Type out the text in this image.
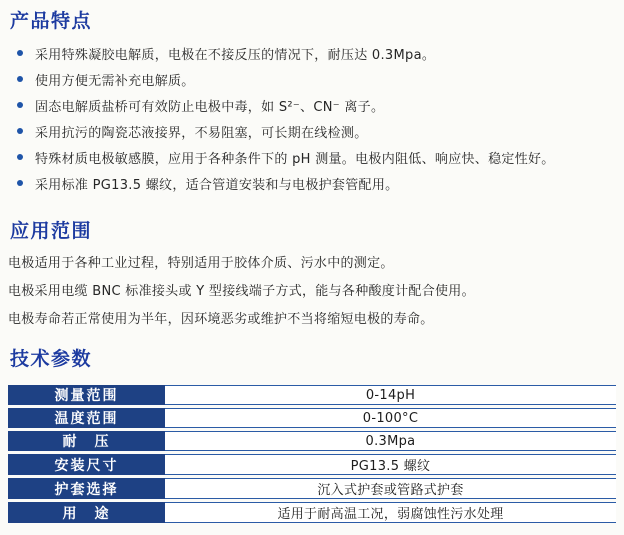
产品特点
采用特殊凝胶电解质，电极在不接反压的情况下，耐压达 0.3Mpa。
使用方便无需补充电解质。
固态电解质盐桥可有效防止电极中毒，如 S²⁻、CN⁻ 离子。
采用抗污的陶瓷芯液接界，不易阻塞，可长期在线检测。
特殊材质电极敏感膜，应用于各种条件下的 pH 测量。电极内阻低、响应快、稳定性好。
采用标准 PG13.5 螺纹，适合管道安装和与电极护套管配用。
应用范围

电极适用于各种工业过程，特别适用于胶体介质、污水中的测定。

电极采用电缆 BNC 标准接头或 Y 型接线端子方式，能与各种酸度计配合使用。

电极寿命若正常使用为半年，因环境恶劣或维护不当将缩短电极的寿命。

技术参数
测量范围	0-14pH
温度范围	0-100°C
耐　压	0.3Mpa
安装尺寸	PG13.5 螺纹
护套选择	沉入式护套或管路式护套
用　途	适用于耐高温工况，弱腐蚀性污水处理
